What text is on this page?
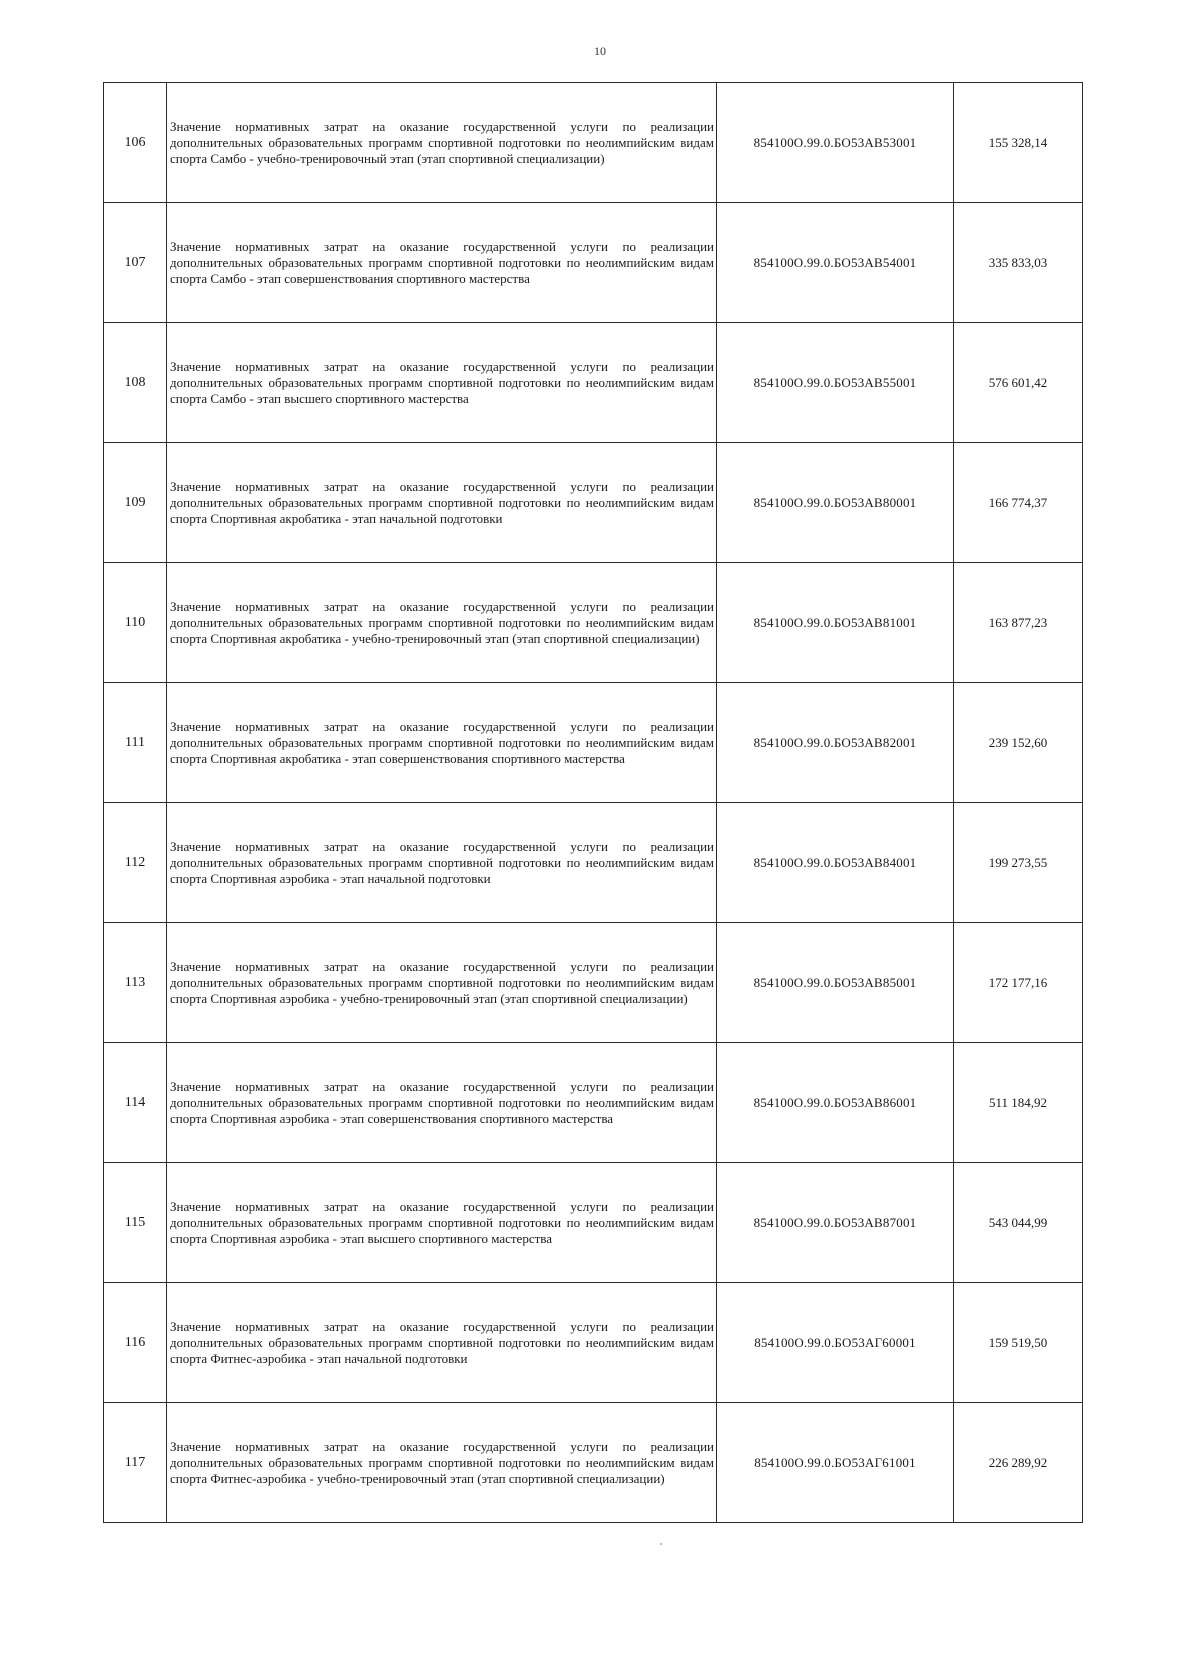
10
106	Значение нормативных затрат на оказание государственной услуги по реализации дополнительных образовательных программ спортивной подготовки по неолимпийским видам спорта Самбо - учебно-тренировочный этап (этап спортивной специализации)	854100О.99.0.БО53АВ53001	155 328,14
107	Значение нормативных затрат на оказание государственной услуги по реализации дополнительных образовательных программ спортивной подготовки по неолимпийским видам спорта Самбо - этап совершенствования спортивного мастерства	854100О.99.0.БО53АВ54001	335 833,03
108	Значение нормативных затрат на оказание государственной услуги по реализации дополнительных образовательных программ спортивной подготовки по неолимпийским видам спорта Самбо - этап высшего спортивного мастерства	854100О.99.0.БО53АВ55001	576 601,42
109	Значение нормативных затрат на оказание государственной услуги по реализации дополнительных образовательных программ спортивной подготовки по неолимпийским видам спорта Спортивная акробатика - этап начальной подготовки	854100О.99.0.БО53АВ80001	166 774,37
110	Значение нормативных затрат на оказание государственной услуги по реализации дополнительных образовательных программ спортивной подготовки по неолимпийским видам спорта Спортивная акробатика - учебно-тренировочный этап (этап спортивной специализации)	854100О.99.0.БО53АВ81001	163 877,23
111	Значение нормативных затрат на оказание государственной услуги по реализации дополнительных образовательных программ спортивной подготовки по неолимпийским видам спорта Спортивная акробатика - этап совершенствования спортивного мастерства	854100О.99.0.БО53АВ82001	239 152,60
112	Значение нормативных затрат на оказание государственной услуги по реализации дополнительных образовательных программ спортивной подготовки по неолимпийским видам спорта Спортивная аэробика - этап начальной подготовки	854100О.99.0.БО53АВ84001	199 273,55
113	Значение нормативных затрат на оказание государственной услуги по реализации дополнительных образовательных программ спортивной подготовки по неолимпийским видам спорта Спортивная аэробика - учебно-тренировочный этап (этап спортивной специализации)	854100О.99.0.БО53АВ85001	172 177,16
114	Значение нормативных затрат на оказание государственной услуги по реализации дополнительных образовательных программ спортивной подготовки по неолимпийским видам спорта Спортивная аэробика - этап совершенствования спортивного мастерства	854100О.99.0.БО53АВ86001	511 184,92
115	Значение нормативных затрат на оказание государственной услуги по реализации дополнительных образовательных программ спортивной подготовки по неолимпийским видам спорта Спортивная аэробика - этап высшего спортивного мастерства	854100О.99.0.БО53АВ87001	543 044,99
116	Значение нормативных затрат на оказание государственной услуги по реализации дополнительных образовательных программ спортивной подготовки по неолимпийским видам спорта Фитнес-аэробика - этап начальной подготовки	854100О.99.0.БО53АГ60001	159 519,50
117	Значение нормативных затрат на оказание государственной услуги по реализации дополнительных образовательных программ спортивной подготовки по неолимпийским видам спорта Фитнес-аэробика - учебно-тренировочный этап (этап спортивной специализации)	854100О.99.0.БО53АГ61001	226 289,92
